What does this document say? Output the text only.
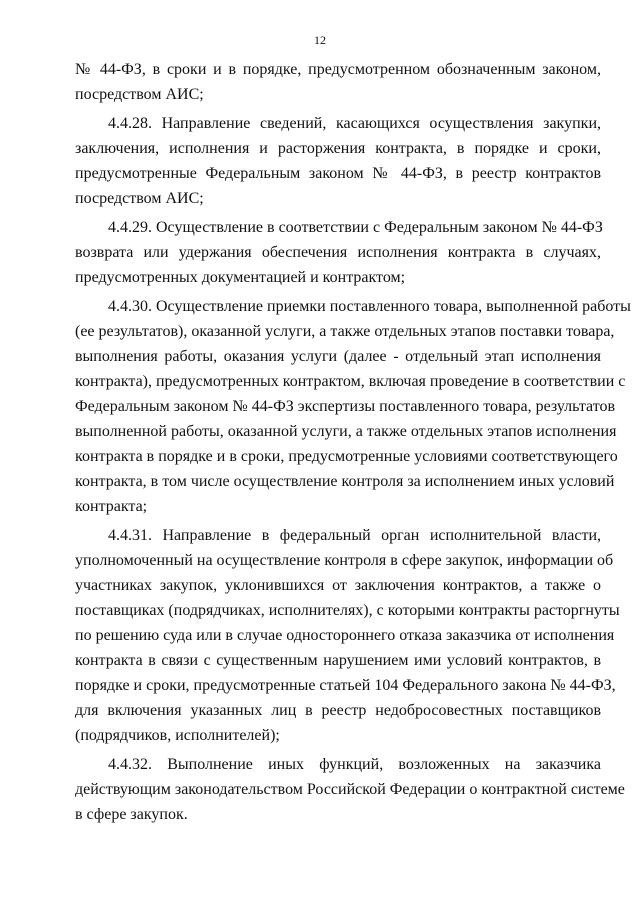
12
№ 44-ФЗ, в сроки и в порядке, предусмотренном обозначенным законом,
посредством АИС;
4.4.28. Направление сведений, касающихся осуществления закупки,
заключения, исполнения и расторжения контракта, в порядке и сроки,
предусмотренные Федеральным законом № 44-ФЗ, в реестр контрактов
посредством АИС;
4.4.29. Осуществление в соответствии с Федеральным законом № 44-ФЗ
возврата или удержания обеспечения исполнения контракта в случаях,
предусмотренных документацией и контрактом;
4.4.30. Осуществление приемки поставленного товара, выполненной работы
(ее результатов), оказанной услуги, а также отдельных этапов поставки товара,
выполнения работы, оказания услуги (далее - отдельный этап исполнения
контракта), предусмотренных контрактом, включая проведение в соответствии с
Федеральным законом № 44-ФЗ экспертизы поставленного товара, результатов
выполненной работы, оказанной услуги, а также отдельных этапов исполнения
контракта в порядке и в сроки, предусмотренные условиями соответствующего
контракта, в том числе осуществление контроля за исполнением иных условий
контракта;
4.4.31. Направление в федеральный орган исполнительной власти,
уполномоченный на осуществление контроля в сфере закупок, информации об
участниках закупок, уклонившихся от заключения контрактов, а также о
поставщиках (подрядчиках, исполнителях), с которыми контракты расторгнуты
по решению суда или в случае одностороннего отказа заказчика от исполнения
контракта в связи с существенным нарушением ими условий контрактов, в
порядке и сроки, предусмотренные статьей 104 Федерального закона № 44-ФЗ,
для включения указанных лиц в реестр недобросовестных поставщиков
(подрядчиков, исполнителей);
4.4.32. Выполнение иных функций, возложенных на заказчика
действующим законодательством Российской Федерации о контрактной системе
в сфере закупок.
